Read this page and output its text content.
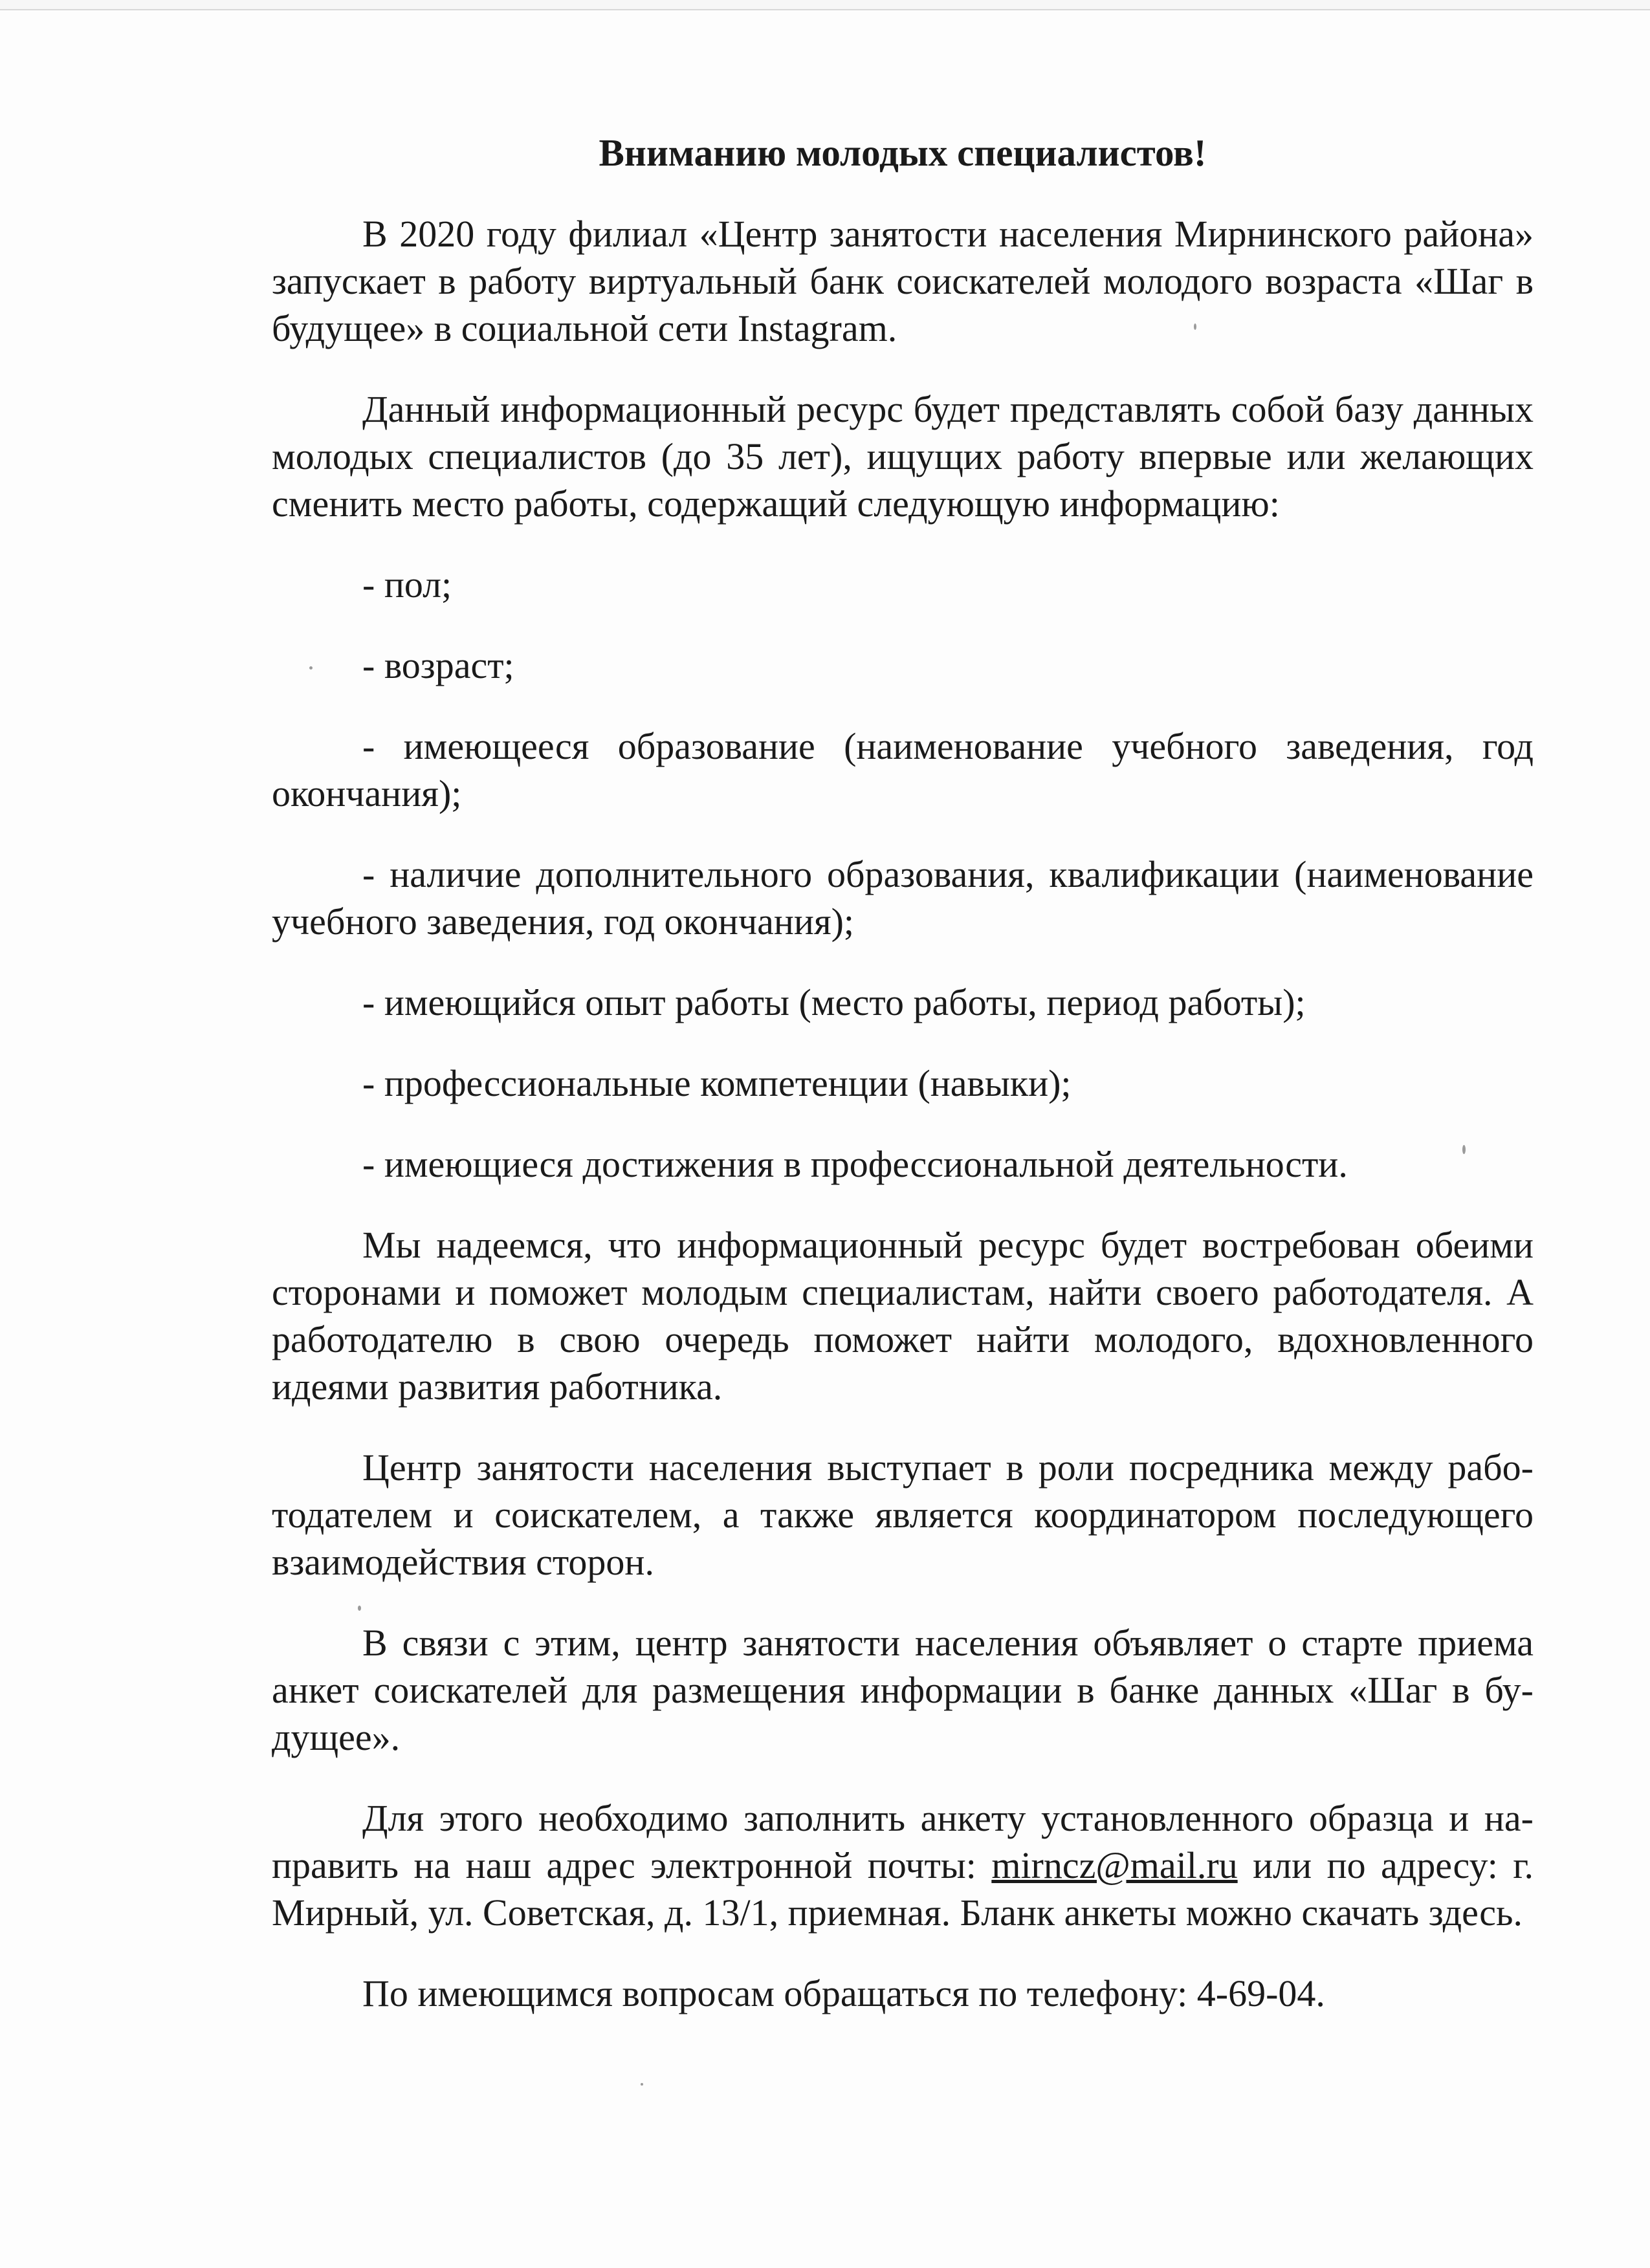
Вниманию молодых специалистов!

В 2020 году филиал «Центр занятости населения Мирнинского района» запускает в работу виртуальный банк соискателей молодого возраста «Шаг в будущее» в социальной сети Instagram.

Данный информационный ресурс будет представлять собой базу данных молодых специалистов (до 35 лет), ищущих работу впервые или желающих сменить место работы, содержащий следующую информацию:

- пол;

- возраст;

- имеющееся образование (наименование учебного заведения, год окончания);

- наличие дополнительного образования, квалификации (наименование учебного заведения, год окончания);

- имеющийся опыт работы (место работы, период работы);

- профессиональные компетенции (навыки);

- имеющиеся достижения в профессиональной деятельности.

Мы надеемся, что информационный ресурс будет востребован обеими сторонами и поможет молодым специалистам, найти своего работодателя. А работодателю в свою очередь поможет найти молодого, вдохновленного идеями развития работника.

Центр занятости населения выступает в роли посредника между работодателем и соискателем, а также является координатором последующего взаимодействия сторон.

В связи с этим, центр занятости населения объявляет о старте приема анкет соискателей для размещения информации в банке данных «Шаг в будущее».

Для этого необходимо заполнить анкету установленного образца и направить на наш адрес электронной почты: mirncz@mail.ru или по адресу: г. Мирный, ул. Советская, д. 13/1, приемная. Бланк анкеты можно скачать здесь.

По имеющимся вопросам обращаться по телефону: 4-69-04.
